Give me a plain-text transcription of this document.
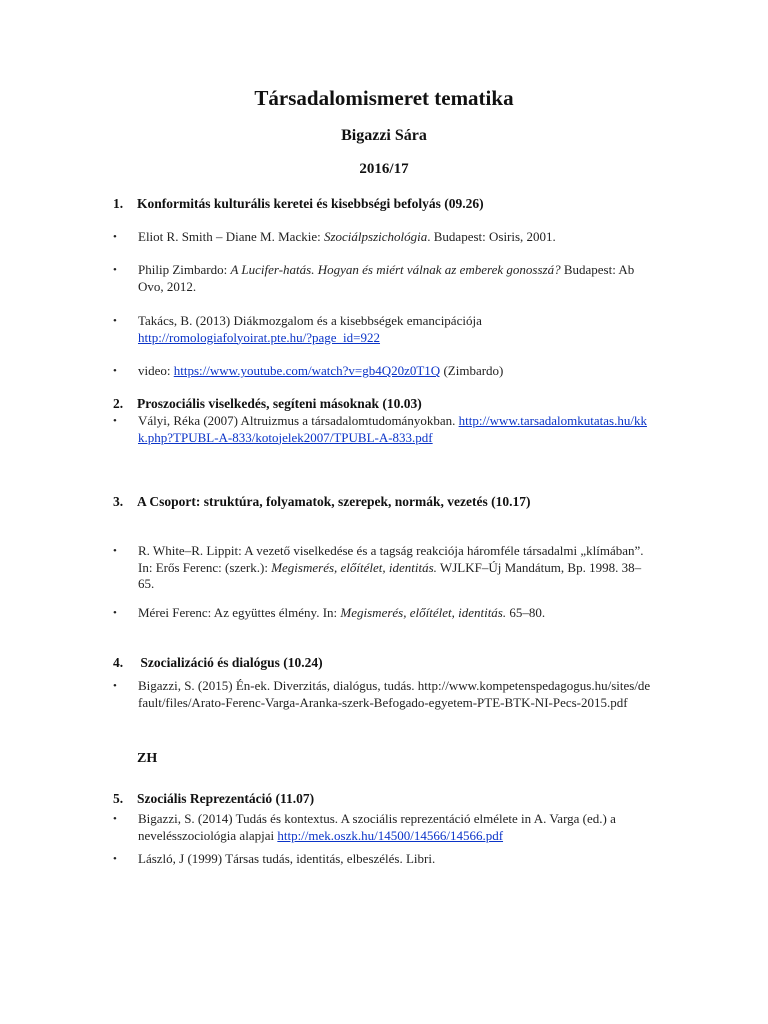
Társadalomismeret tematika
Bigazzi Sára
2016/17
1. Konformitás kulturális keretei és kisebbségi befolyás (09.26)
• Eliot R. Smith – Diane M. Mackie: Szociálpszichológia. Budapest: Osiris, 2001.
• Philip Zimbardo: A Lucifer-hatás. Hogyan és miért válnak az emberek gonosszá? Budapest: Ab Ovo, 2012.
• Takács, B. (2013) Diákmozgalom és a kisebbségek emancipációja http://romologiafolyoirat.pte.hu/?page_id=922
• video: https://www.youtube.com/watch?v=gb4Q20z0T1Q (Zimbardo)
2. Proszociális viselkedés, segíteni másoknak (10.03)
• Vályi, Réka (2007) Altruizmus a társadalomtudományokban. http://www.tarsadalomkutatas.hu/kkk.php?TPUBL-A-833/kotojelek2007/TPUBL-A-833.pdf
3. A Csoport: struktúra, folyamatok, szerepek, normák, vezetés (10.17)
• R. White–R. Lippit: A vezető viselkedése és a tagság reakciója háromféle társadalmi „klímában”. In: Erős Ferenc: (szerk.): Megismerés, előítélet, identitás. WJLKF–Új Mandátum, Bp. 1998. 38–65.
• Mérei Ferenc: Az együttes élmény. In: Megismerés, előítélet, identitás. 65–80.
4. Szocializáció és dialógus (10.24)
• Bigazzi, S. (2015) Én-ek. Diverzitás, dialógus, tudás. http://www.kompetenspedagogus.hu/sites/default/files/Arato-Ferenc-Varga-Aranka-szerk-Befogado-egyetem-PTE-BTK-NI-Pecs-2015.pdf
ZH
5. Szociális Reprezentáció (11.07)
• Bigazzi, S. (2014) Tudás és kontextus. A szociális reprezentáció elmélete in A. Varga (ed.) a nevelésszociológia alapjai http://mek.oszk.hu/14500/14566/14566.pdf
• László, J (1999) Társas tudás, identitás, elbeszélés. Libri.
